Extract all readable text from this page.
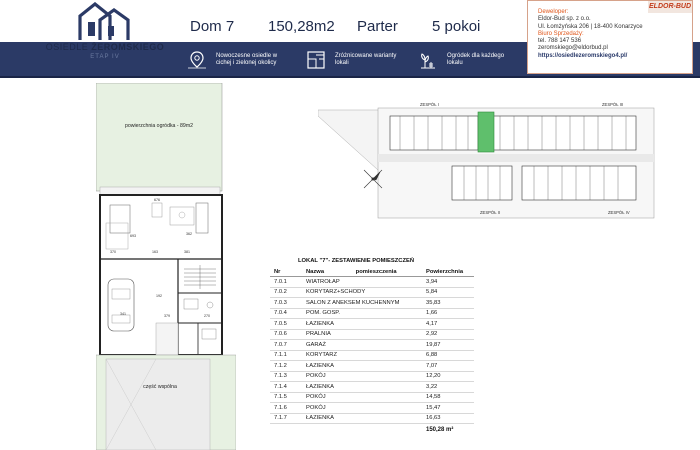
Nowoczesne osiedle w cichej i zielonej okolicy
Zróżnicowane warianty lokali
Ogródek dla każdego lokalu
OSIEDLE ŻEROMSKIEGO
ETAP IV
Dom 7 150,28m2 Parter 5 pokoi
ELDOR-BUD
Deweloper:
Eldor-Bud sp. z o.o.
Ul. Łomżyńska 206 | 18-400 Konarzyce
Biuro Sprzedaży:
tel. 788 147 536
zeromskiego@eldorbud.pl
https://osiedlezeromskiego4.pl/
powierzchnia ogródka - 89m2
676
693	362
370	163	381
341
192
379	270
część wspólna
ZESPÓŁ I	ZESPÓŁ III
ZESPÓŁ II	ZESPÓŁ IV
LOKAL "7"- ZESTAWIENIE POMIESZCZEŃ
Nr	Nazwa	pomieszczenia	Powierzchnia
7.0.1	WIATROŁAP	3,94
7.0.2	KORYTARZ+SCHODY	5,84
7.0.3	SALON Z ANEKSEM KUCHENNYM	35,83
7.0.4	POM. GOSP.	1,66
7.0.5	ŁAZIENKA	4,17
7.0.6	PRALNIA	2,92
7.0.7	GARAŻ	19,87
7.1.1	KORYTARZ	6,88
7.1.2	ŁAZIENKA	7,07
7.1.3	POKÓJ	12,20
7.1.4	ŁAZIENKA	3,22
7.1.5	POKÓJ	14,58
7.1.6	POKÓJ	15,47
7.1.7	ŁAZIENKA	16,63
150,28 m²
